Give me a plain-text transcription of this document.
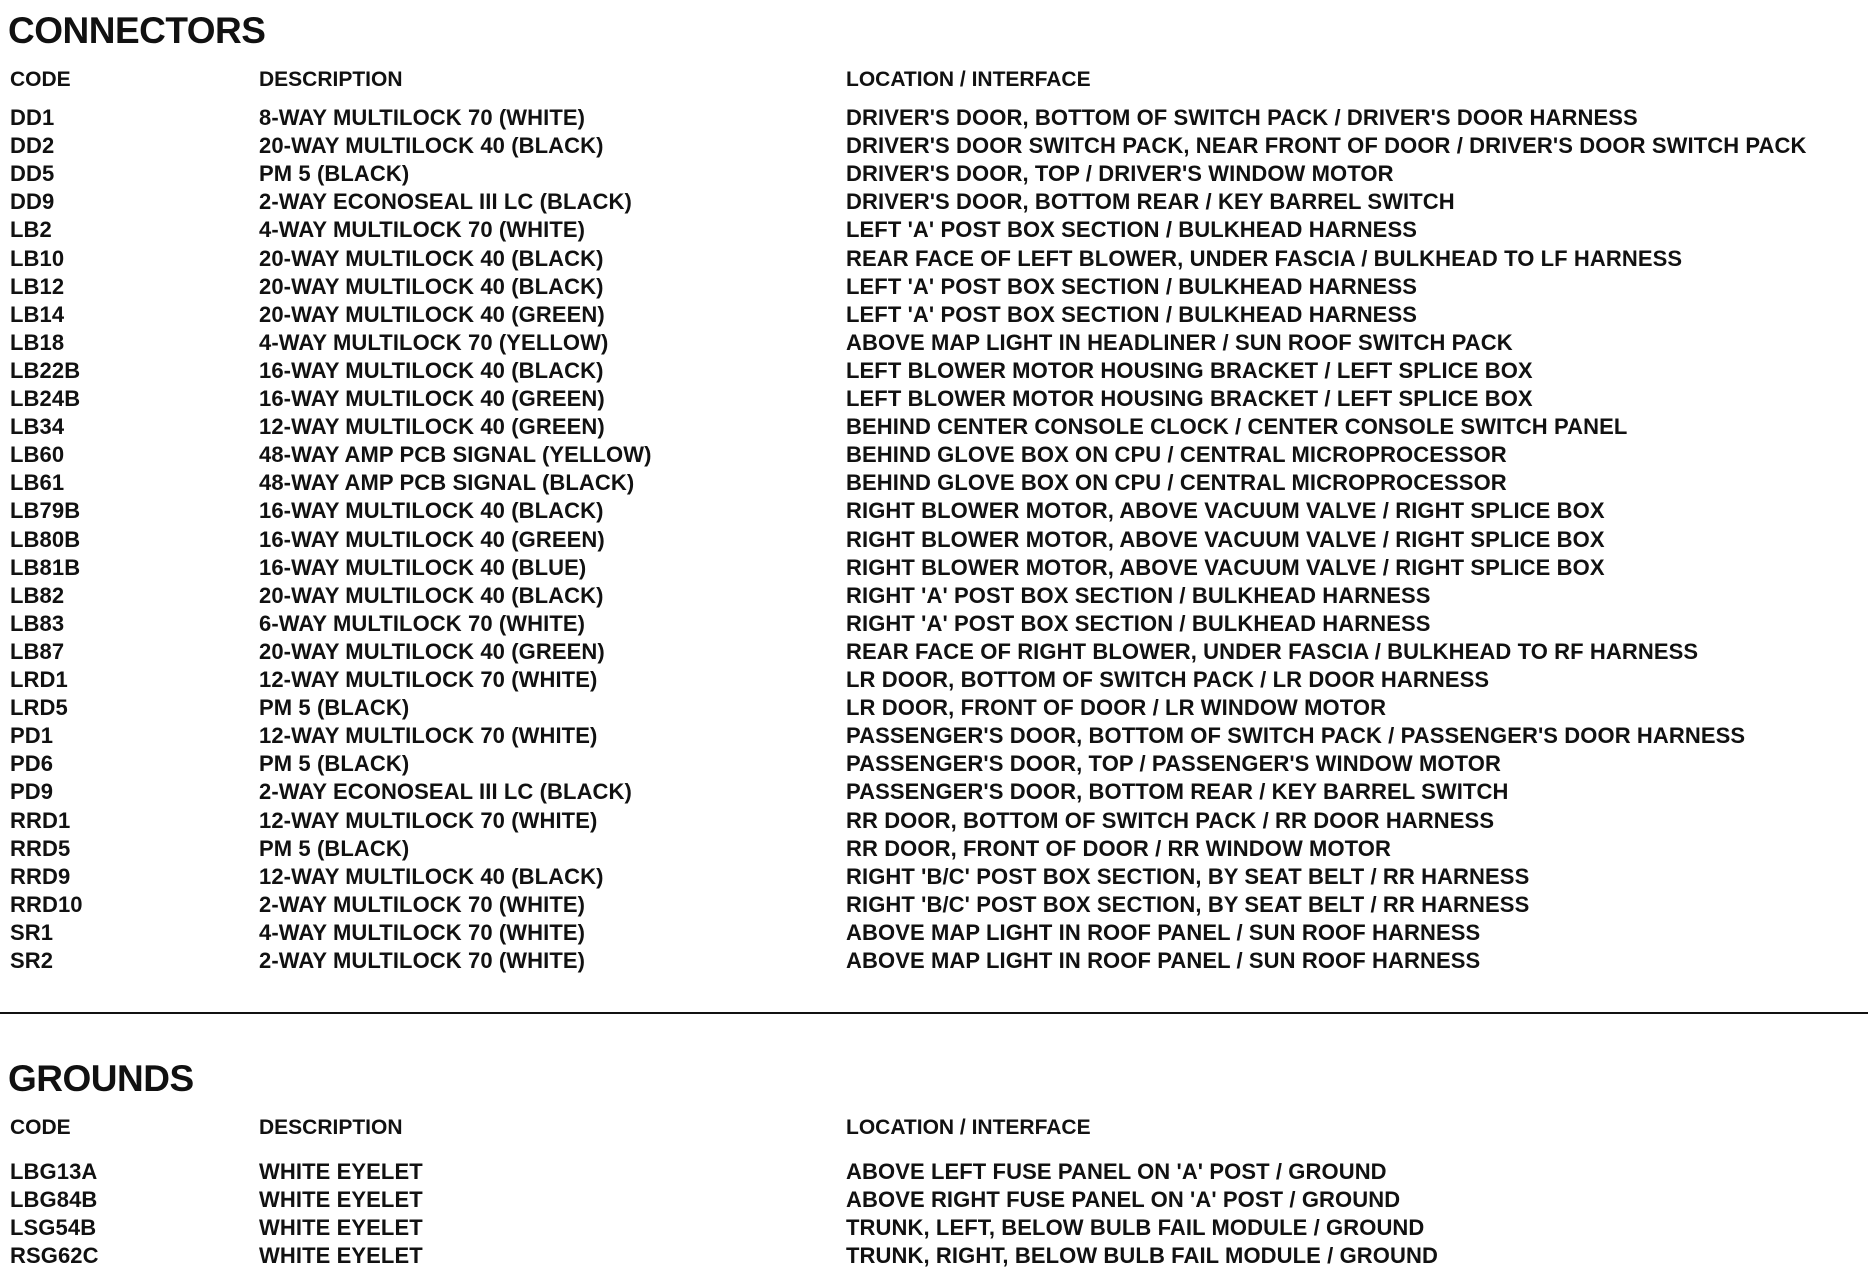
CONNECTORS
CODE	DESCRIPTION	LOCATION / INTERFACE
DD1	8-WAY MULTILOCK 70 (WHITE)	DRIVER'S DOOR, BOTTOM OF SWITCH PACK / DRIVER'S DOOR HARNESS
DD2	20-WAY MULTILOCK 40 (BLACK)	DRIVER'S DOOR SWITCH PACK, NEAR FRONT OF DOOR / DRIVER'S DOOR SWITCH PACK
DD5	PM 5 (BLACK)	DRIVER'S DOOR, TOP / DRIVER'S WINDOW MOTOR
DD9	2-WAY ECONOSEAL III LC (BLACK)	DRIVER'S DOOR, BOTTOM REAR / KEY BARREL SWITCH
LB2	4-WAY MULTILOCK 70 (WHITE)	LEFT 'A' POST BOX SECTION / BULKHEAD HARNESS
LB10	20-WAY MULTILOCK 40 (BLACK)	REAR FACE OF LEFT BLOWER, UNDER FASCIA / BULKHEAD TO LF HARNESS
LB12	20-WAY MULTILOCK 40 (BLACK)	LEFT 'A' POST BOX SECTION / BULKHEAD HARNESS
LB14	20-WAY MULTILOCK 40 (GREEN)	LEFT 'A' POST BOX SECTION / BULKHEAD HARNESS
LB18	4-WAY MULTILOCK 70 (YELLOW)	ABOVE MAP LIGHT IN HEADLINER / SUN ROOF SWITCH PACK
LB22B	16-WAY MULTILOCK 40 (BLACK)	LEFT BLOWER MOTOR HOUSING BRACKET / LEFT SPLICE BOX
LB24B	16-WAY MULTILOCK 40 (GREEN)	LEFT BLOWER MOTOR HOUSING BRACKET / LEFT SPLICE BOX
LB34	12-WAY MULTILOCK 40 (GREEN)	BEHIND CENTER CONSOLE CLOCK / CENTER CONSOLE SWITCH PANEL
LB60	48-WAY AMP PCB SIGNAL (YELLOW)	BEHIND GLOVE BOX ON CPU / CENTRAL MICROPROCESSOR
LB61	48-WAY AMP PCB SIGNAL (BLACK)	BEHIND GLOVE BOX ON CPU / CENTRAL MICROPROCESSOR
LB79B	16-WAY MULTILOCK 40 (BLACK)	RIGHT BLOWER MOTOR, ABOVE VACUUM VALVE / RIGHT SPLICE BOX
LB80B	16-WAY MULTILOCK 40 (GREEN)	RIGHT BLOWER MOTOR, ABOVE VACUUM VALVE / RIGHT SPLICE BOX
LB81B	16-WAY MULTILOCK 40 (BLUE)	RIGHT BLOWER MOTOR, ABOVE VACUUM VALVE / RIGHT SPLICE BOX
LB82	20-WAY MULTILOCK 40 (BLACK)	RIGHT 'A' POST BOX SECTION / BULKHEAD HARNESS
LB83	6-WAY MULTILOCK 70 (WHITE)	RIGHT 'A' POST BOX SECTION / BULKHEAD HARNESS
LB87	20-WAY MULTILOCK 40 (GREEN)	REAR FACE OF RIGHT BLOWER, UNDER FASCIA / BULKHEAD TO RF HARNESS
LRD1	12-WAY MULTILOCK 70 (WHITE)	LR DOOR, BOTTOM OF SWITCH PACK / LR DOOR HARNESS
LRD5	PM 5 (BLACK)	LR DOOR, FRONT OF DOOR / LR WINDOW MOTOR
PD1	12-WAY MULTILOCK 70 (WHITE)	PASSENGER'S DOOR, BOTTOM OF SWITCH PACK / PASSENGER'S DOOR HARNESS
PD6	PM 5 (BLACK)	PASSENGER'S DOOR, TOP / PASSENGER'S WINDOW MOTOR
PD9	2-WAY ECONOSEAL III LC (BLACK)	PASSENGER'S DOOR, BOTTOM REAR / KEY BARREL SWITCH
RRD1	12-WAY MULTILOCK 70 (WHITE)	RR DOOR, BOTTOM OF SWITCH PACK / RR DOOR HARNESS
RRD5	PM 5 (BLACK)	RR DOOR, FRONT OF DOOR / RR WINDOW MOTOR
RRD9	12-WAY MULTILOCK 40 (BLACK)	RIGHT 'B/C' POST BOX SECTION, BY SEAT BELT / RR HARNESS
RRD10	2-WAY MULTILOCK 70 (WHITE)	RIGHT 'B/C' POST BOX SECTION, BY SEAT BELT / RR HARNESS
SR1	4-WAY MULTILOCK 70 (WHITE)	ABOVE MAP LIGHT IN ROOF PANEL / SUN ROOF HARNESS
SR2	2-WAY MULTILOCK 70 (WHITE)	ABOVE MAP LIGHT IN ROOF PANEL / SUN ROOF HARNESS
GROUNDS
CODE	DESCRIPTION	LOCATION / INTERFACE
LBG13A	WHITE EYELET	ABOVE LEFT FUSE PANEL ON 'A' POST / GROUND
LBG84B	WHITE EYELET	ABOVE RIGHT FUSE PANEL ON 'A' POST / GROUND
LSG54B	WHITE EYELET	TRUNK, LEFT, BELOW BULB FAIL MODULE / GROUND
RSG62C	WHITE EYELET	TRUNK, RIGHT, BELOW BULB FAIL MODULE / GROUND
